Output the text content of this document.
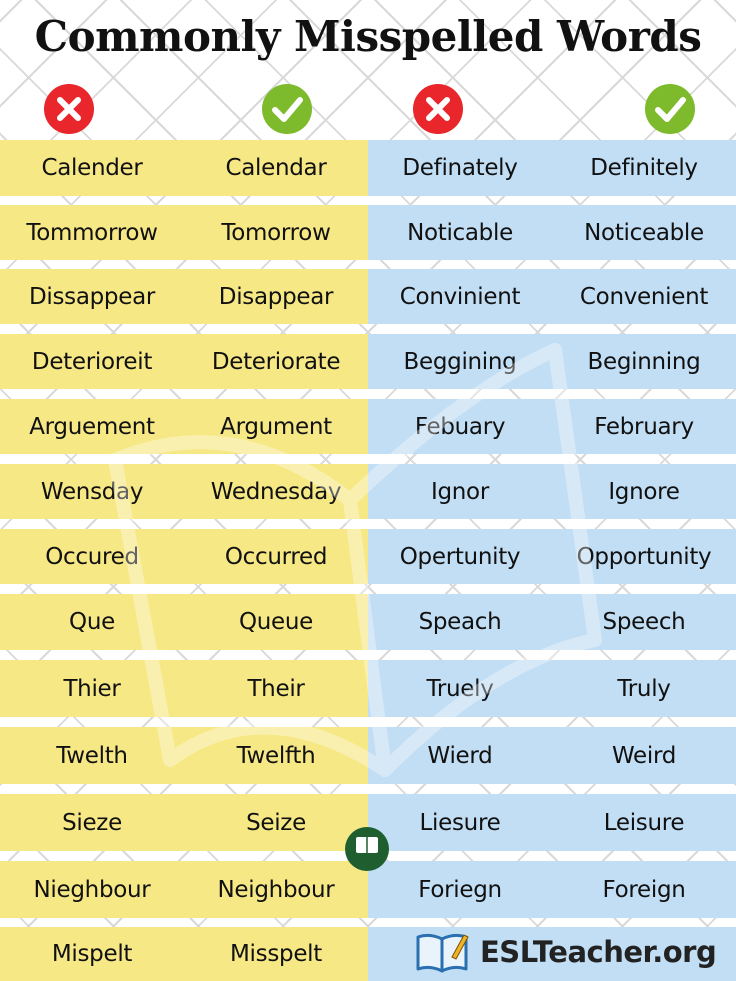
Commonly Misspelled Words
Calender	Calendar	Definately	Definitely
Tommorrow	Tomorrow	Noticable	Noticeable
Dissappear	Disappear	Convinient	Convenient
Deterioreit	Deteriorate	Beggining	Beginning
Arguement	Argument	Febuary	February
Wensday	Wednesday	Ignor	Ignore
Occured	Occurred	Opertunity	Opportunity
Que	Queue	Speach	Speech
Thier	Their	Truely	Truly
Twelth	Twelfth	Wierd	Weird
Sieze	Seize	Liesure	Leisure
Nieghbour	Neighbour	Foriegn	Foreign
Mispelt	Misspelt	ESLTeacher.org
